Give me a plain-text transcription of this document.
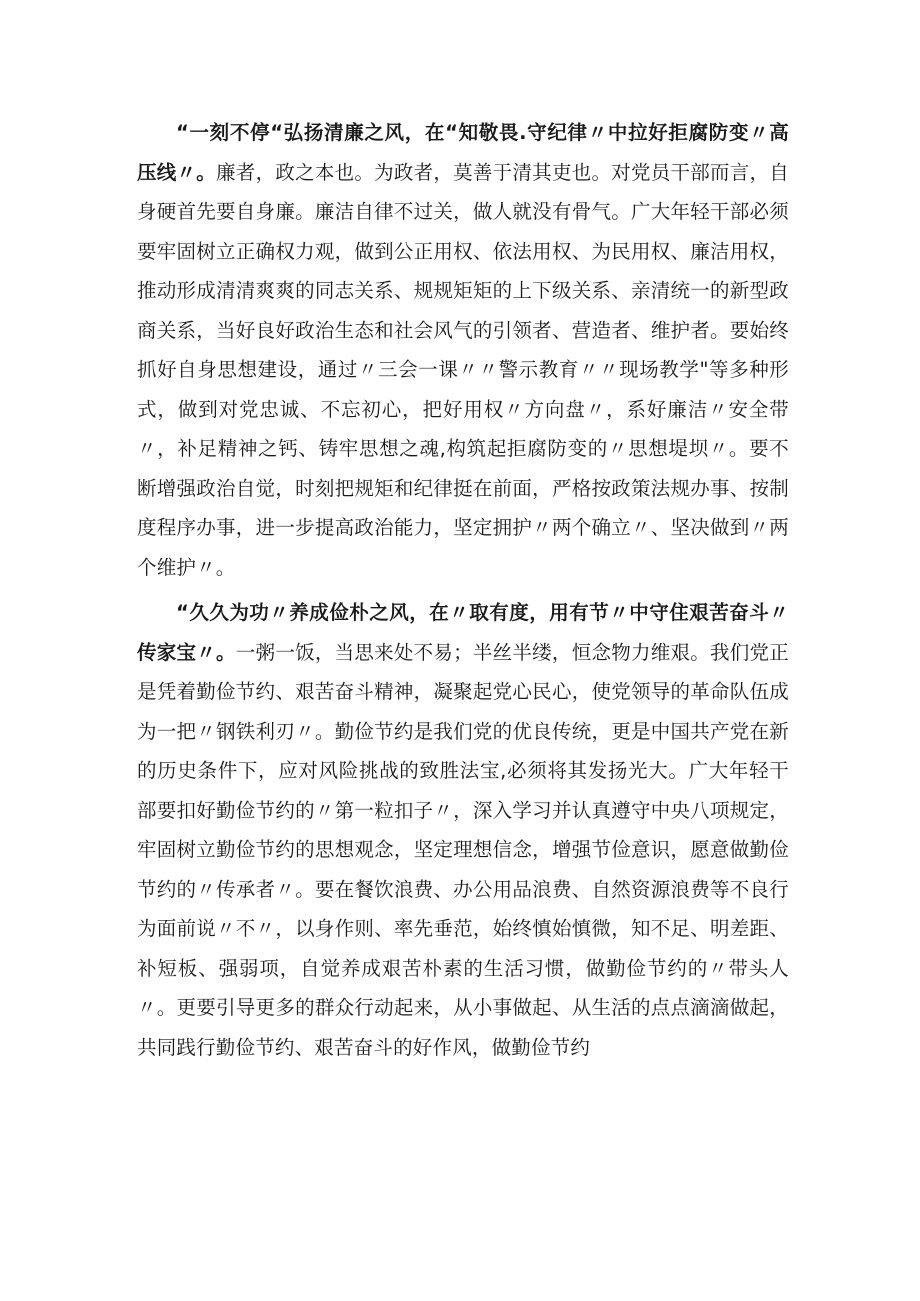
“一刻不停“弘扬清廉之风，在“知敬畏.守纪律〃中拉好拒腐防变〃高压线〃。廉者，政之本也。为政者，莫善于清其吏也。对党员干部而言，自身硬首先要自身廉。廉洁自律不过关，做人就没有骨气。广大年轻干部必须要牢固树立正确权力观，做到公正用权、依法用权、为民用权、廉洁用权，推动形成清清爽爽的同志关系、规规矩矩的上下级关系、亲清统一的新型政商关系，当好良好政治生态和社会风气的引领者、营造者、维护者。要始终抓好自身思想建设，通过〃三会一课〃〃警示教育〃〃现场教学"等多种形式，做到对党忠诚、不忘初心，把好用权〃方向盘〃，系好廉洁〃安全带〃，补足精神之钙、铸牢思想之魂,构筑起拒腐防变的〃思想堤坝〃。要不断增强政治自觉，时刻把规矩和纪律挺在前面，严格按政策法规办事、按制度程序办事，进一步提高政治能力，坚定拥护〃两个确立〃、坚决做到〃两个维护〃。

“久久为功〃养成俭朴之风，在〃取有度，用有节〃中守住艰苦奋斗〃传家宝〃。一粥一饭，当思来处不易；半丝半缕，恒念物力维艰。我们党正是凭着勤俭节约、艰苦奋斗精神，凝聚起党心民心，使党领导的革命队伍成为一把〃钢铁利刃〃。勤俭节约是我们党的优良传统，更是中国共产党在新的历史条件下，应对风险挑战的致胜法宝,必须将其发扬光大。广大年轻干部要扣好勤俭节约的〃第一粒扣子〃，深入学习并认真遵守中央八项规定，牢固树立勤俭节约的思想观念，坚定理想信念，增强节俭意识，愿意做勤俭节约的〃传承者〃。要在餐饮浪费、办公用品浪费、自然资源浪费等不良行为面前说〃不〃，以身作则、率先垂范，始终慎始慎微，知不足、明差距、补短板、强弱项，自觉养成艰苦朴素的生活习惯，做勤俭节约的〃带头人〃。更要引导更多的群众行动起来，从小事做起、从生活的点点滴滴做起，共同践行勤俭节约、艰苦奋斗的好作风，做勤俭节约
